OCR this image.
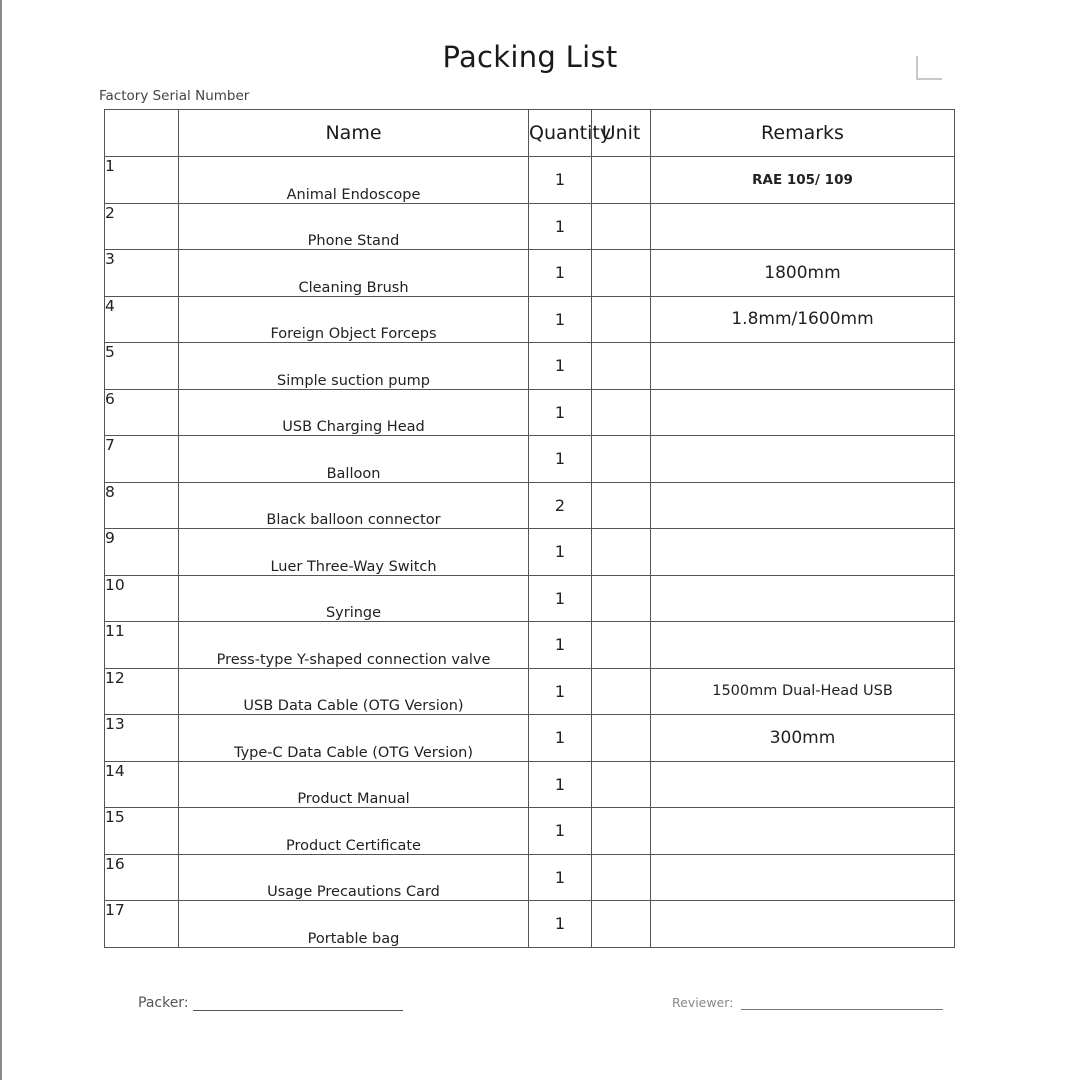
Packing List
Factory Serial Number
	Name	Quantity	Unit	Remarks
1	Animal Endoscope	1		RAE 105/ 109
2	Phone Stand	1		
3	Cleaning Brush	1		1800mm
4	Foreign Object Forceps	1		1.8mm/1600mm
5	Simple suction pump	1		
6	USB Charging Head	1		
7	Balloon	1		
8	Black balloon connector	2		
9	Luer Three-Way Switch	1		
10	Syringe	1		
11	Press-type Y-shaped connection valve	1		
12	USB Data Cable (OTG Version)	1		1500mm Dual-Head USB
13	Type-C Data Cable (OTG Version)	1		300mm
14	Product Manual	1		
15	Product Certificate	1		
16	Usage Precautions Card	1		
17	Portable bag	1		
Packer:	Reviewer:
